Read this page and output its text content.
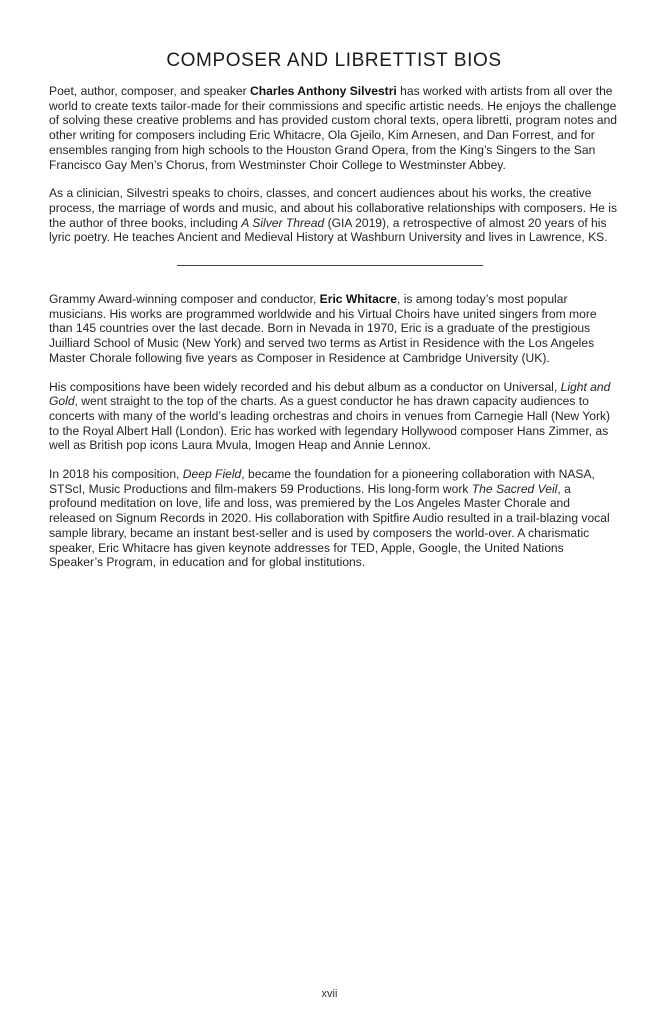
COMPOSER AND LIBRETTIST BIOS

Poet, author, composer, and speaker Charles Anthony Silvestri has worked with artists from all over the world to create texts tailor-made for their commissions and specific artistic needs. He enjoys the challenge of solving these creative problems and has provided custom choral texts, opera libretti, program notes and other writing for composers including Eric Whitacre, Ola Gjeilo, Kim Arnesen, and Dan Forrest, and for ensembles ranging from high schools to the Houston Grand Opera, from the King’s Singers to the San Francisco Gay Men’s Chorus, from Westminster Choir College to Westminster Abbey.

As a clinician, Silvestri speaks to choirs, classes, and concert audiences about his works, the creative process, the marriage of words and music, and about his collaborative relationships with composers. He is the author of three books, including A Silver Thread (GIA 2019), a retrospective of almost 20 years of his lyric poetry. He teaches Ancient and Medieval History at Washburn University and lives in Lawrence, KS.

Grammy Award-winning composer and conductor, Eric Whitacre, is among today’s most popular musicians. His works are programmed worldwide and his Virtual Choirs have united singers from more than 145 countries over the last decade. Born in Nevada in 1970, Eric is a graduate of the prestigious Juilliard School of Music (New York) and served two terms as Artist in Residence with the Los Angeles Master Chorale following five years as Composer in Residence at Cambridge University (UK).

His compositions have been widely recorded and his debut album as a conductor on Universal, Light and Gold, went straight to the top of the charts. As a guest conductor he has drawn capacity audiences to concerts with many of the world’s leading orchestras and choirs in venues from Carnegie Hall (New York) to the Royal Albert Hall (London). Eric has worked with legendary Hollywood composer Hans Zimmer, as well as British pop icons Laura Mvula, Imogen Heap and Annie Lennox.

In 2018 his composition, Deep Field, became the foundation for a pioneering collaboration with NASA, STScI, Music Productions and film-makers 59 Productions. His long-form work The Sacred Veil, a profound meditation on love, life and loss, was premiered by the Los Angeles Master Chorale and released on Signum Records in 2020. His collaboration with Spitfire Audio resulted in a trail-blazing vocal sample library, became an instant best-seller and is used by composers the world-over. A charismatic speaker, Eric Whitacre has given keynote addresses for TED, Apple, Google, the United Nations Speaker’s Program, in education and for global institutions.

xvii
